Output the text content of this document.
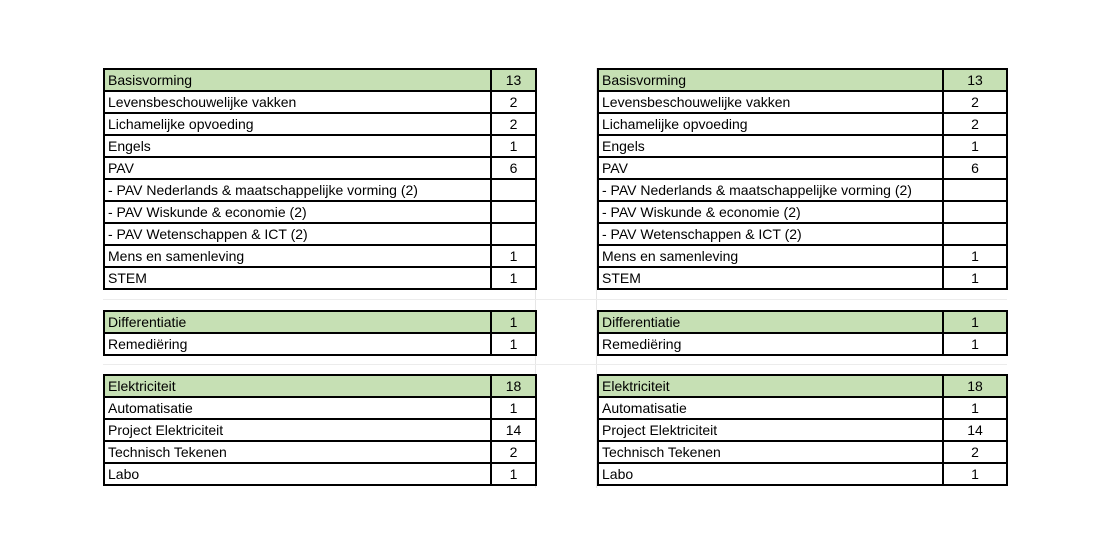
Basisvorming	13
Levensbeschouwelijke vakken	2
Lichamelijke opvoeding	2
Engels	1
PAV	6
- PAV Nederlands & maatschappelijke vorming (2)	
- PAV Wiskunde & economie (2)	
- PAV Wetenschappen & ICT (2)	
Mens en samenleving	1
STEM	1
Differentiatie	1
Remediëring	1
Elektriciteit	18
Automatisatie	1
Project Elektriciteit	14
Technisch Tekenen	2
Labo	1
Basisvorming	13
Levensbeschouwelijke vakken	2
Lichamelijke opvoeding	2
Engels	1
PAV	6
- PAV Nederlands & maatschappelijke vorming (2)	
- PAV Wiskunde & economie (2)	
- PAV Wetenschappen & ICT (2)	
Mens en samenleving	1
STEM	1
Differentiatie	1
Remediëring	1
Elektriciteit	18
Automatisatie	1
Project Elektriciteit	14
Technisch Tekenen	2
Labo	1
